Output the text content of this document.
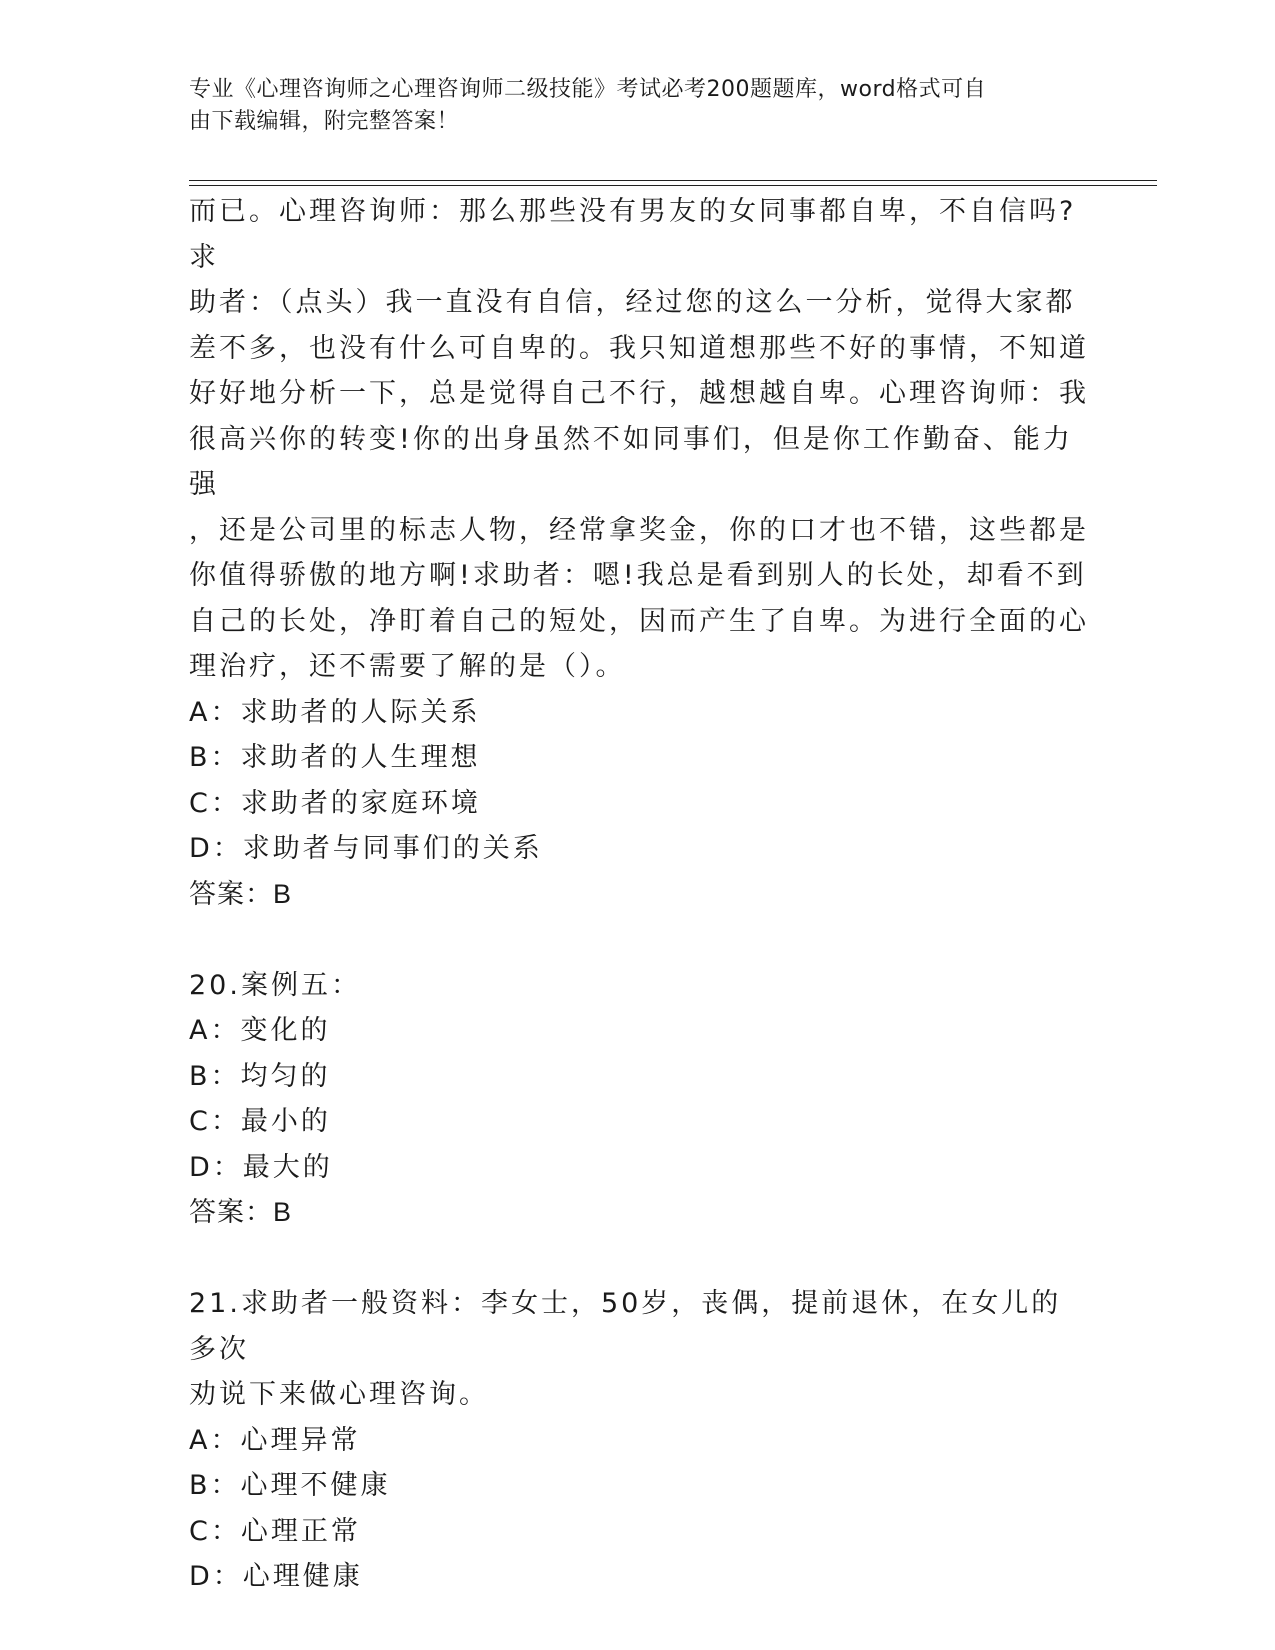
专业《心理咨询师之心理咨询师二级技能》考试必考200题题库，word格式可自
由下载编辑，附完整答案！

而已。心理咨询师：那么那些没有男友的女同事都自卑，不自信吗?求

助者：（点头）我一直没有自信，经过您的这么一分析，觉得大家都

差不多，也没有什么可自卑的。我只知道想那些不好的事情，不知道

好好地分析一下，总是觉得自己不行，越想越自卑。心理咨询师：我

很高兴你的转变!你的出身虽然不如同事们，但是你工作勤奋、能力强

，还是公司里的标志人物，经常拿奖金，你的口才也不错，这些都是

你值得骄傲的地方啊!求助者：嗯!我总是看到别人的长处，却看不到

自己的长处，净盯着自己的短处，因而产生了自卑。为进行全面的心

理治疗，还不需要了解的是（）。

A：求助者的人际关系

B：求助者的人生理想

C：求助者的家庭环境

D：求助者与同事们的关系

答案：B

20.案例五：

A：变化的

B：均匀的

C：最小的

D：最大的

答案：B

21.求助者一般资料：李女士，50岁，丧偶，提前退休，在女儿的多次

劝说下来做心理咨询。

A：心理异常

B：心理不健康

C：心理正常

D：心理健康
